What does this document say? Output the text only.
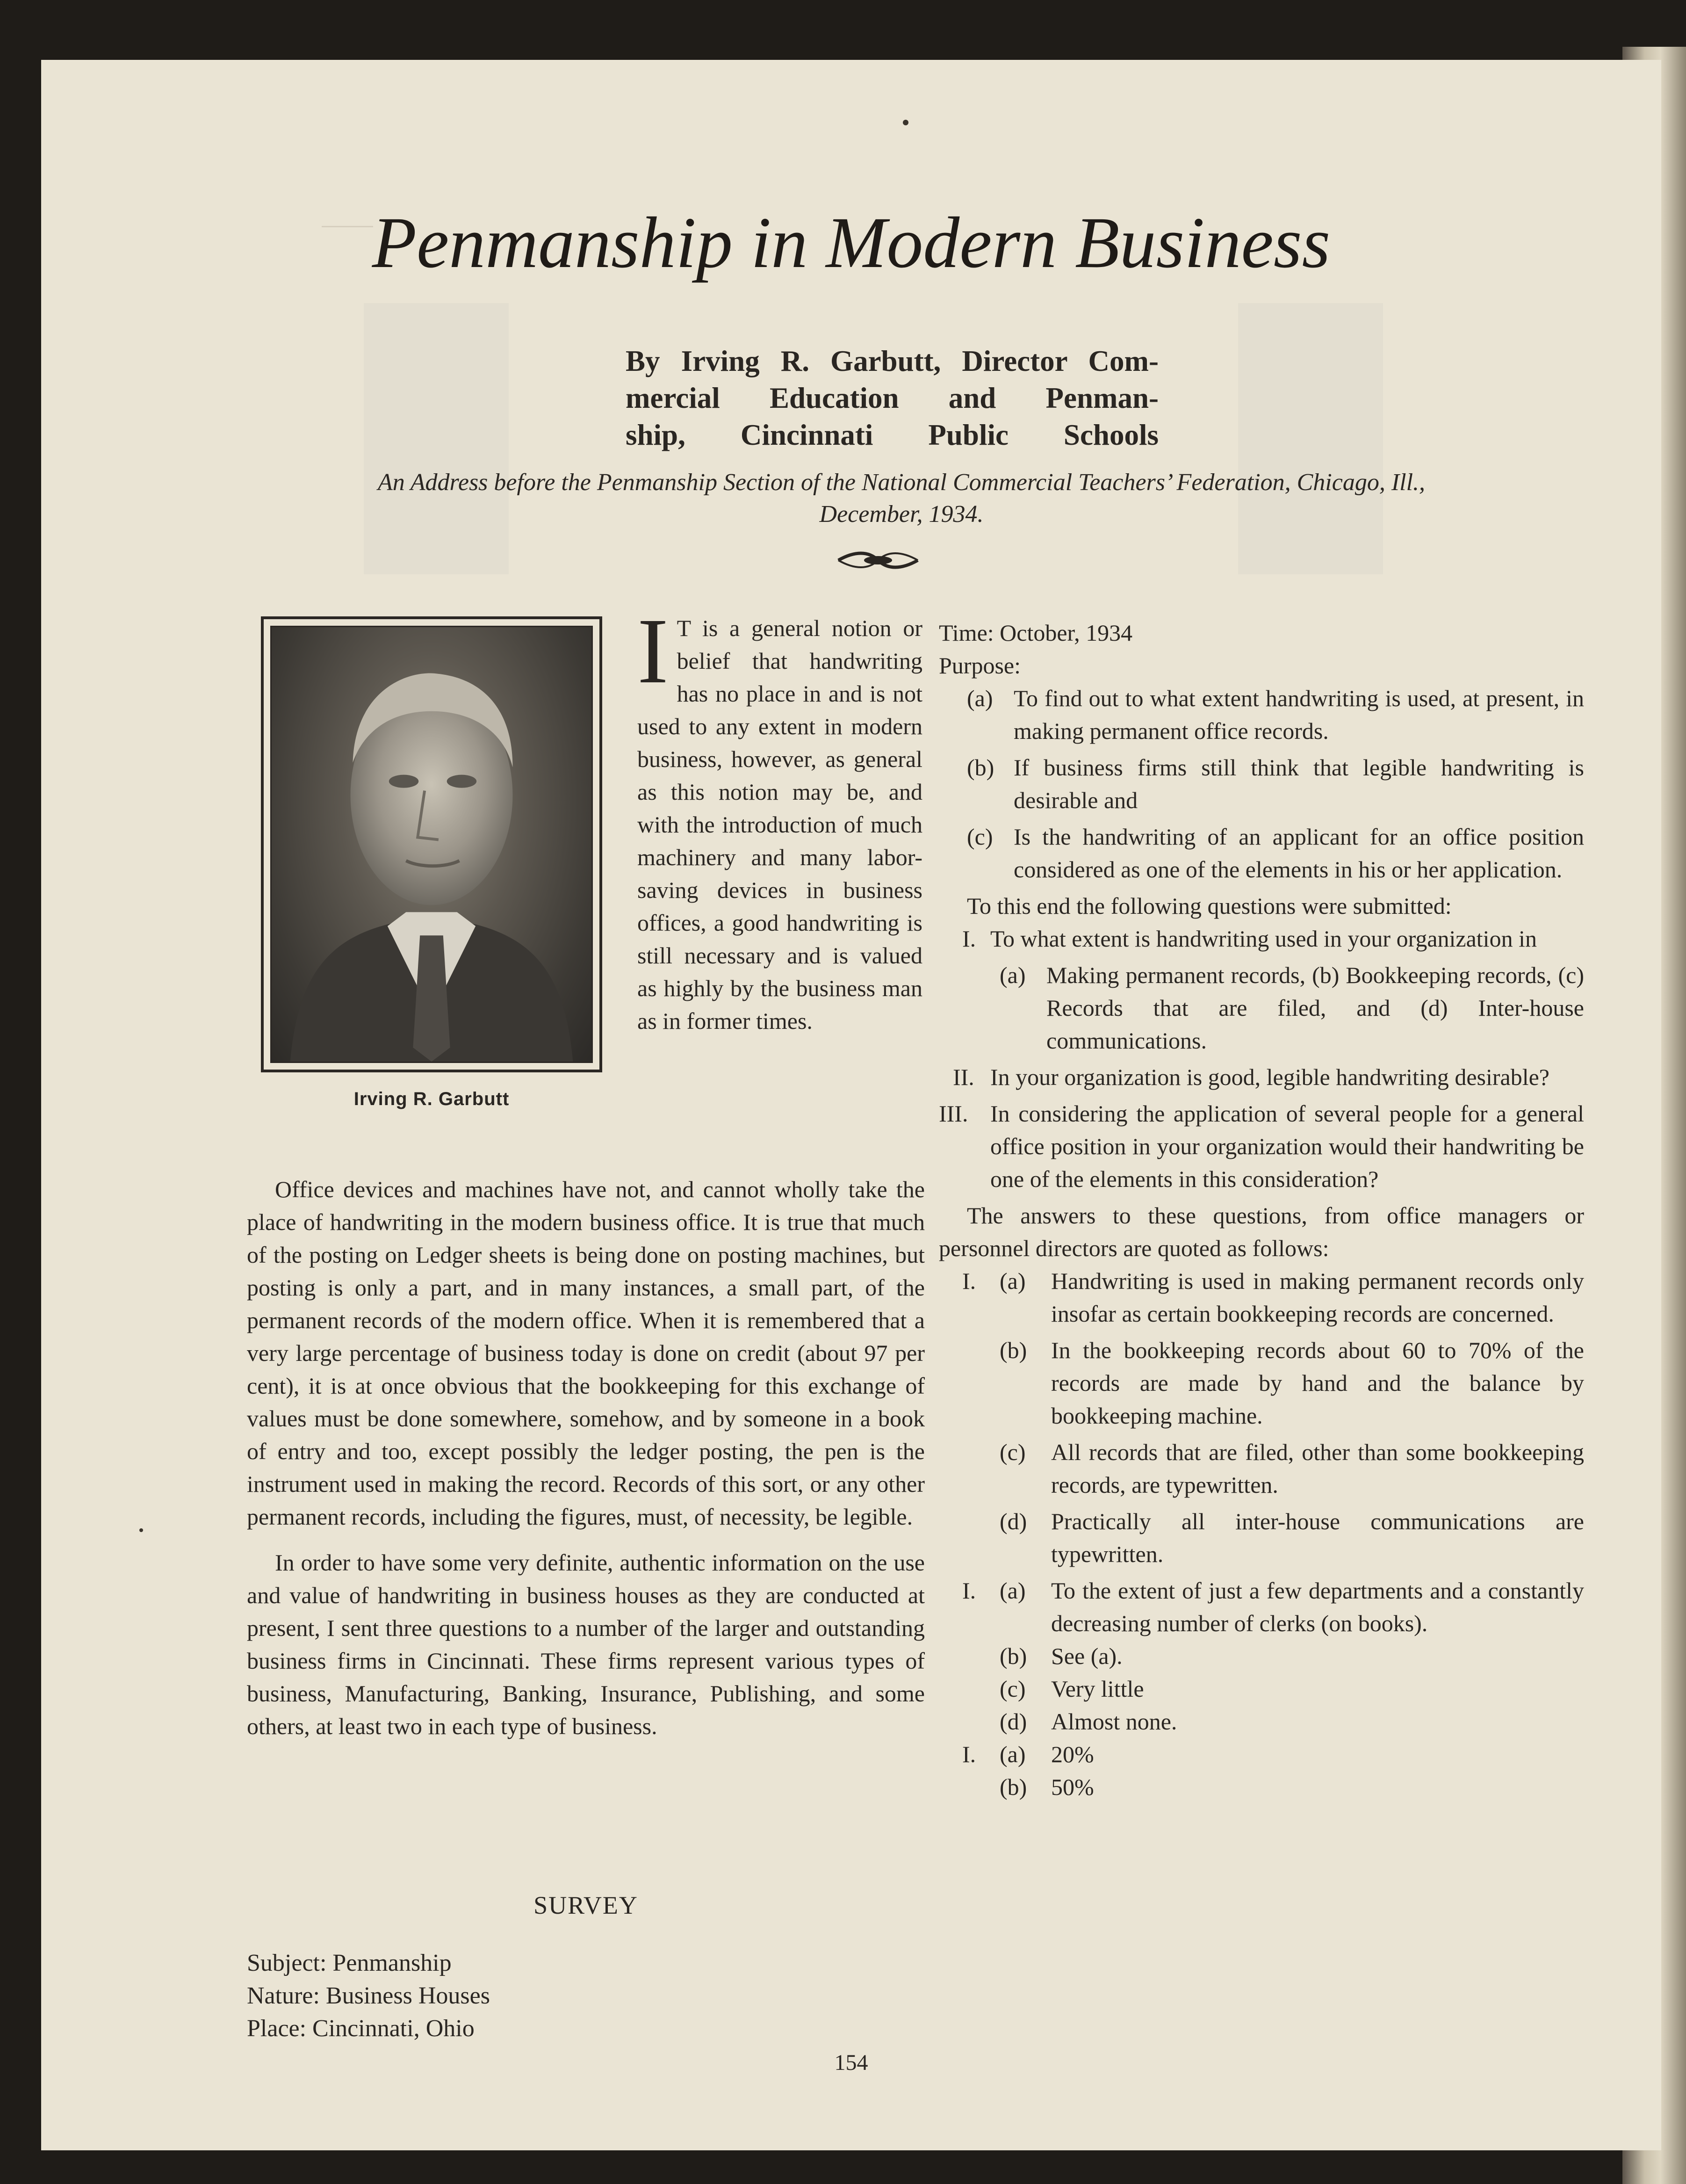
Penmanship in Modern Business
By Irving R. Garbutt, Director Com-
mercial Education and Penman-
ship, Cincinnati Public Schools
An Address before the Penmanship Section of the National Commercial Teachers’ Federation, Chicago, Ill.,
December, 1934.
Irving R. Garbutt
I T is a general notion or belief that handwriting has no place in and is not used to any extent in modern business, however, as general as this notion may be, and with the introduction of much machinery and many labor-saving devices in business offices, a good handwriting is still necessary and is valued as highly by the business man as in former times.

Office devices and machines have not, and cannot wholly take the place of handwriting in the modern business office. It is true that much of the posting on Ledger sheets is being done on posting machines, but posting is only a part, and in many instances, a small part, of the permanent records of the modern office. When it is remembered that a very large percentage of business today is done on credit (about 97 per cent), it is at once obvious that the bookkeeping for this exchange of values must be done somewhere, somehow, and by someone in a book of entry and too, except possibly the ledger posting, the pen is the instrument used in making the record. Records of this sort, or any other permanent records, including the figures, must, of necessity, be legible.

In order to have some very definite, authentic information on the use and value of handwriting in business houses as they are conducted at present, I sent three questions to a number of the larger and outstanding business firms in Cincinnati. These firms represent various types of business, Manufacturing, Banking, Insurance, Publishing, and some others, at least two in each type of business.

SURVEY
Subject: Penmanship
Nature: Business Houses
Place: Cincinnati, Ohio
Time: October, 1934
Purpose:
(a) To find out to what extent handwriting is used, at present, in making permanent office records.
(b) If business firms still think that legible handwriting is desirable and
(c) Is the handwriting of an applicant for an office position considered as one of the elements in his or her application.
To this end the following questions were submitted:
I. To what extent is handwriting used in your organization in
(a) Making permanent records, (b) Bookkeeping records, (c) Records that are filed, and (d) Inter-house communications.
II. In your organization is good, legible handwriting desirable?
III. In considering the application of several people for a general office position in your organization would their handwriting be one of the elements in this consideration?
The answers to these questions, from office managers or personnel directors are quoted as follows:
I. (a) Handwriting is used in making permanent records only insofar as certain bookkeeping records are concerned.
(b) In the bookkeeping records about 60 to 70% of the records are made by hand and the balance by bookkeeping machine.
(c) All records that are filed, other than some bookkeeping records, are typewritten.
(d) Practically all inter-house communications are typewritten.
I. (a) To the extent of just a few departments and a constantly decreasing number of clerks (on books).
(b) See (a).
(c) Very little
(d) Almost none.
I. (a) 20%
(b) 50%
154
